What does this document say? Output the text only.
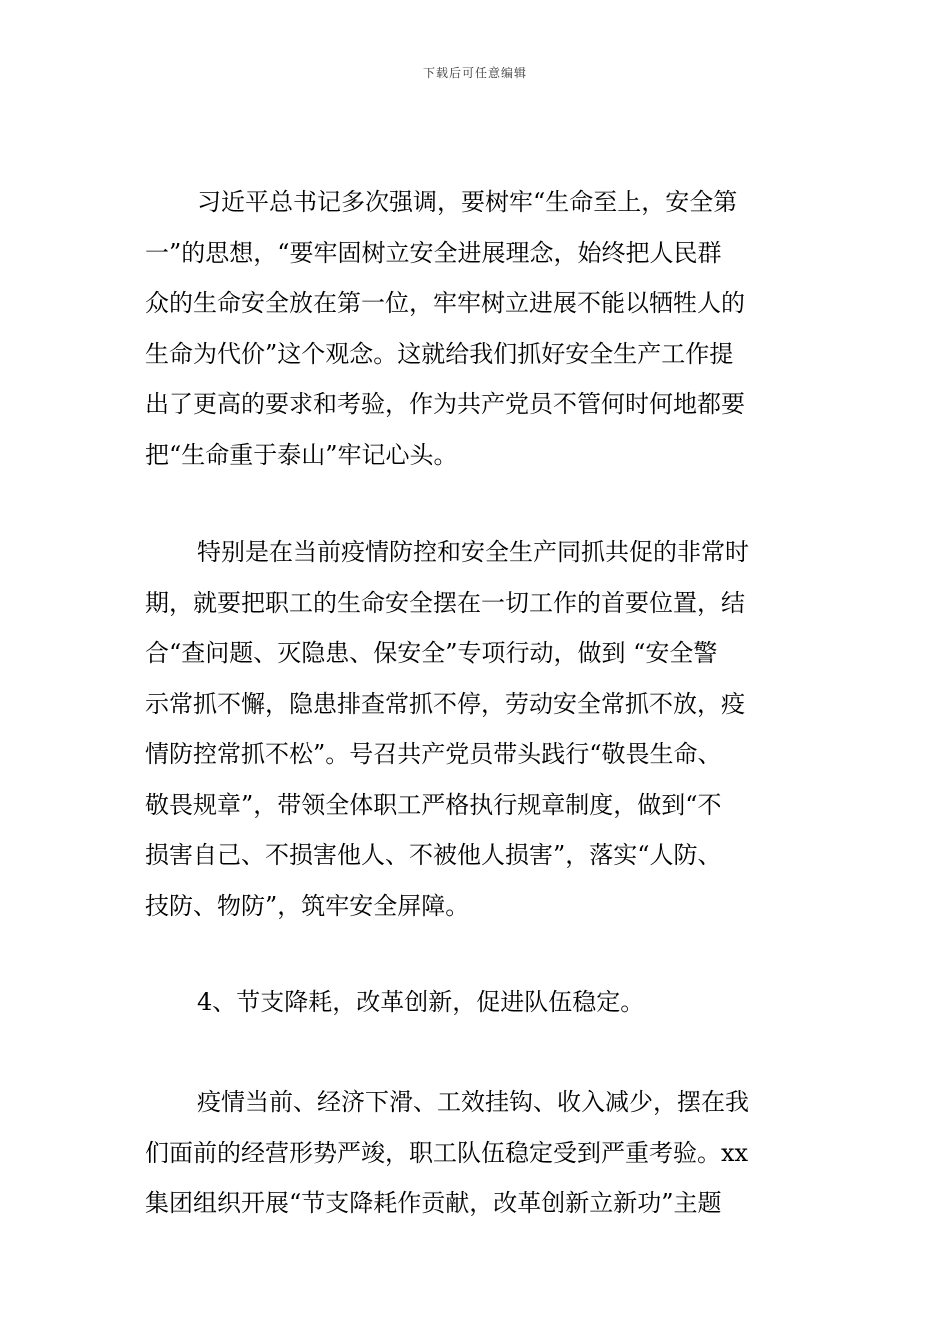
下载后可任意编辑

习近平总书记多次强调，要树牢“生命至上，安全第
一”的思想，“要牢固树立安全进展理念，始终把人民群
众的生命安全放在第一位，牢牢树立进展不能以牺牲人的
生命为代价”这个观念。这就给我们抓好安全生产工作提
出了更高的要求和考验，作为共产党员不管何时何地都要
把“生命重于泰山”牢记心头。

特别是在当前疫情防控和安全生产同抓共促的非常时
期，就要把职工的生命安全摆在一切工作的首要位置，结
合“查问题、灭隐患、保安全”专项行动，做到 “安全警
示常抓不懈，隐患排查常抓不停，劳动安全常抓不放，疫
情防控常抓不松”。号召共产党员带头践行“敬畏生命、
敬畏规章”，带领全体职工严格执行规章制度，做到“不
损害自己、不损害他人、不被他人损害”，落实“人防、
技防、物防”，筑牢安全屏障。

4、节支降耗，改革创新，促进队伍稳定。

疫情当前、经济下滑、工效挂钩、收入减少，摆在我
们面前的经营形势严竣，职工队伍稳定受到严重考验。xx
集团组织开展“节支降耗作贡献，改革创新立新功”主题
